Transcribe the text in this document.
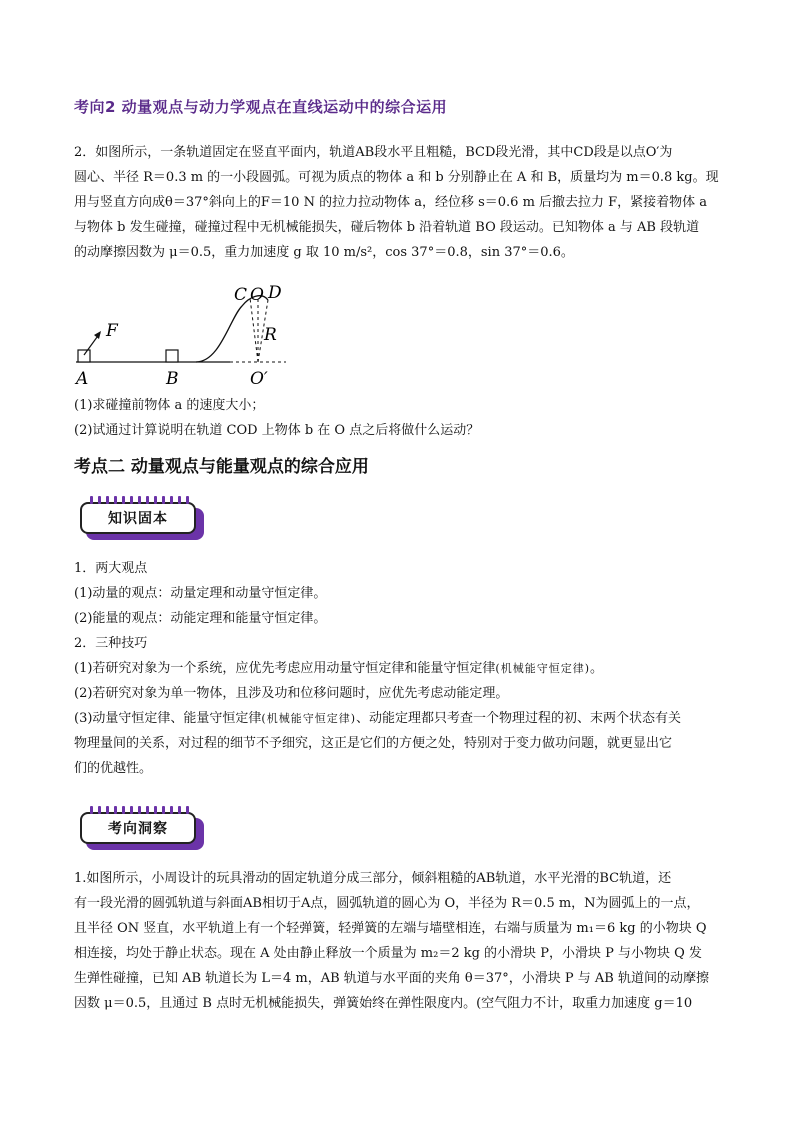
考向2 动量观点与动力学观点在直线运动中的综合运用

2．如图所示，一条轨道固定在竖直平面内，轨道AB段水平且粗糙，BCD段光滑，其中CD段是以点O′为

圆心、半径 R＝0.3 m 的一小段圆弧。可视为质点的物体 a 和 b 分别静止在 A 和 B，质量均为 m＝0.8 kg。现

用与竖直方向成θ＝37°斜向上的F＝10 N 的拉力拉动物体 a，经位移 s＝0.6 m 后撤去拉力 F，紧接着物体 a

与物体 b 发生碰撞，碰撞过程中无机械能损失，碰后物体 b 沿着轨道 BO 段运动。已知物体 a 与 AB 段轨道

的动摩擦因数为 μ＝0.5，重力加速度 g 取 10 m/s²，cos 37°＝0.8，sin 37°＝0.6。

F
C O D
R
A	B	O′

(1)求碰撞前物体 a 的速度大小；

(2)试通过计算说明在轨道 COD 上物体 b 在 O 点之后将做什么运动？

考点二 动量观点与能量观点的综合应用
知识固本

1．两大观点

(1)动量的观点：动量定理和动量守恒定律。

(2)能量的观点：动能定理和能量守恒定律。

2．三种技巧

(1)若研究对象为一个系统，应优先考虑应用动量守恒定律和能量守恒定律(机械能守恒定律)。

(2)若研究对象为单一物体，且涉及功和位移问题时，应优先考虑动能定理。

(3)动量守恒定律、能量守恒定律(机械能守恒定律)、动能定理都只考查一个物理过程的初、末两个状态有关

物理量间的关系，对过程的细节不予细究，这正是它们的方便之处，特别对于变力做功问题，就更显出它

们的优越性。

考向洞察

1.如图所示，小周设计的玩具滑动的固定轨道分成三部分，倾斜粗糙的AB轨道，水平光滑的BC轨道，还

有一段光滑的圆弧轨道与斜面AB相切于A点，圆弧轨道的圆心为 O，半径为 R＝0.5 m，N为圆弧上的一点，

且半径 ON 竖直，水平轨道上有一个轻弹簧，轻弹簧的左端与墙壁相连，右端与质量为 m₁＝6 kg 的小物块 Q

相连接，均处于静止状态。现在 A 处由静止释放一个质量为 m₂＝2 kg 的小滑块 P，小滑块 P 与小物块 Q 发

生弹性碰撞，已知 AB 轨道长为 L＝4 m，AB 轨道与水平面的夹角 θ＝37°，小滑块 P 与 AB 轨道间的动摩擦

因数 μ＝0.5，且通过 B 点时无机械能损失，弹簧始终在弹性限度内。(空气阻力不计，取重力加速度 g＝10
